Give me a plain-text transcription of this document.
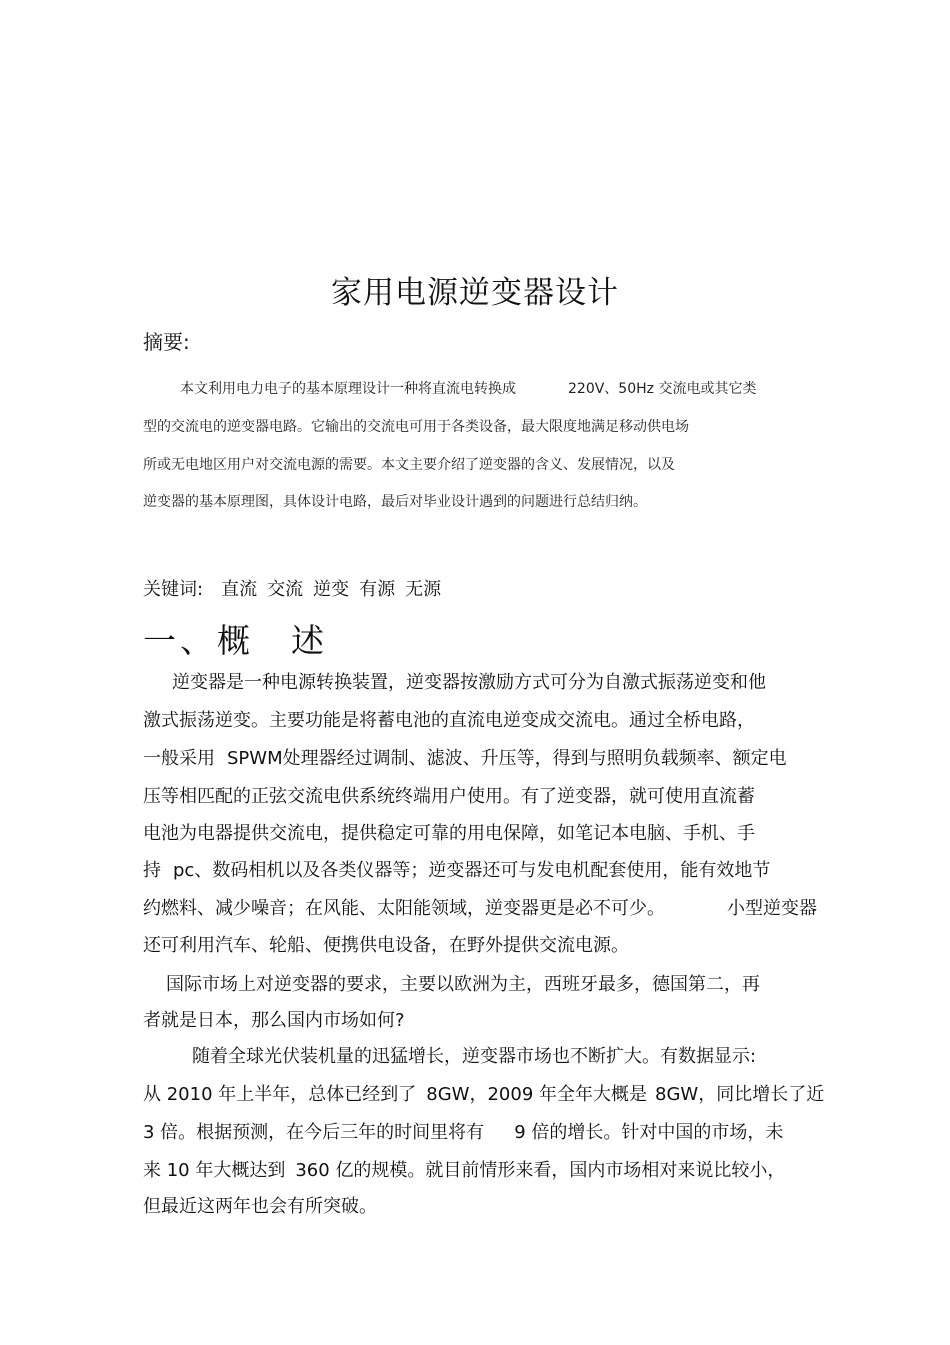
家用电源逆变器设计
摘要:
本文利用电力电子的基本原理设计一种将直流电转换成	220V、50Hz 交流电或其它类
型的交流电的逆变器电路。它输出的交流电可用于各类设备，最大限度地满足移动供电场
所或无电地区用户对交流电源的需要。本文主要介绍了逆变器的含义、发展情况，以及
逆变器的基本原理图，具体设计电路，最后对毕业设计遇到的问题进行总结归纳。
关键词: 直流 交流 逆变 有源 无源
一、概　述
逆变器是一种电源转换装置，逆变器按激励方式可分为自激式振荡逆变和他
激式振荡逆变。主要功能是将蓄电池的直流电逆变成交流电。通过全桥电路，
一般采用 SPWM处理器经过调制、滤波、升压等，得到与照明负载频率、额定电
压等相匹配的正弦交流电供系统终端用户使用。有了逆变器，就可使用直流蓄
电池为电器提供交流电，提供稳定可靠的用电保障，如笔记本电脑、手机、手
持 pc、数码相机以及各类仪器等；逆变器还可与发电机配套使用，能有效地节
约燃料、减少噪音；在风能、太阳能领域，逆变器更是必不可少。	小型逆变器
还可利用汽车、轮船、便携供电设备，在野外提供交流电源。
国际市场上对逆变器的要求，主要以欧洲为主，西班牙最多，德国第二，再
者就是日本，那么国内市场如何?
随着全球光伏装机量的迅猛增长，逆变器市场也不断扩大。有数据显示:
从 2010 年上半年，总体已经到了 8GW，2009 年全年大概是 8GW，同比增长了近
3 倍。根据预测，在今后三年的时间里将有 9 倍的增长。针对中国的市场，未
来 10 年大概达到 360 亿的规模。就目前情形来看，国内市场相对来说比较小，
但最近这两年也会有所突破。
